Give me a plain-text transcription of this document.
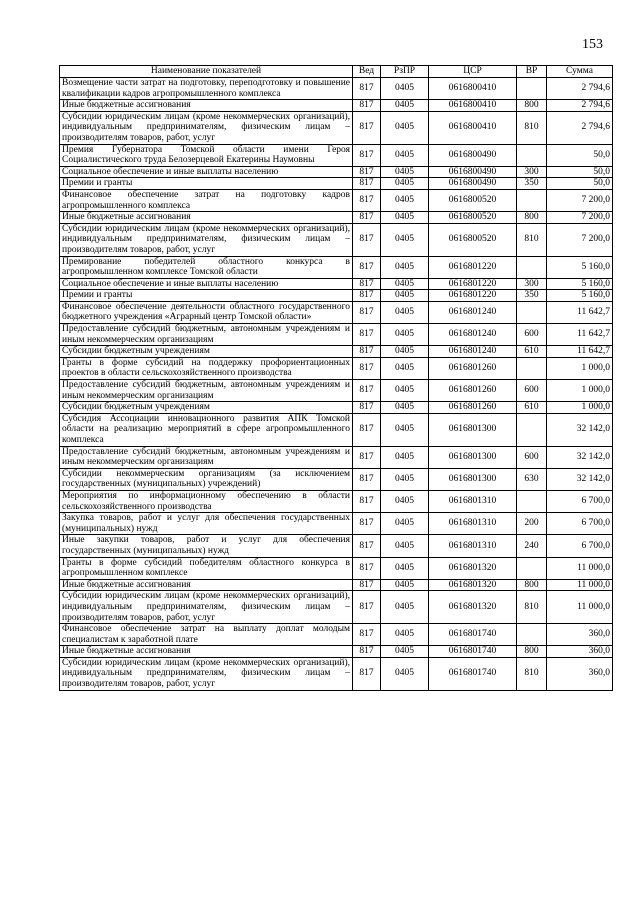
153
Наименование показателей	Вед	РзПР	ЦСР	ВР	Сумма
Возмещение части затрат на подготовку, переподготовку и повышение квалификации кадров агропромышленного комплекса	817	0405	0616800410		2 794,6
Иные бюджетные ассигнования	817	0405	0616800410	800	2 794,6
Субсидии юридическим лицам (кроме некоммерческих организаций), индивидуальным предпринимателям, физическим лицам – производителям товаров, работ, услуг	817	0405	0616800410	810	2 794,6
Премия Губернатора Томской области имени Героя Социалистического труда Белозерцевой Екатерины Наумовны	817	0405	0616800490		50,0
Социальное обеспечение и иные выплаты населению	817	0405	0616800490	300	50,0
Премии и гранты	817	0405	0616800490	350	50,0
Финансовое обеспечение затрат на подготовку кадров агропромышленного комплекса	817	0405	0616800520		7 200,0
Иные бюджетные ассигнования	817	0405	0616800520	800	7 200,0
Субсидии юридическим лицам (кроме некоммерческих организаций), индивидуальным предпринимателям, физическим лицам – производителям товаров, работ, услуг	817	0405	0616800520	810	7 200,0
Премирование победителей областного конкурса в агропромышленном комплексе Томской области	817	0405	0616801220		5 160,0
Социальное обеспечение и иные выплаты населению	817	0405	0616801220	300	5 160,0
Премии и гранты	817	0405	0616801220	350	5 160,0
Финансовое обеспечение деятельности областного государственного бюджетного учреждения «Аграрный центр Томской области»	817	0405	0616801240		11 642,7
Предоставление субсидий бюджетным, автономным учреждениям и иным некоммерческим организациям	817	0405	0616801240	600	11 642,7
Субсидии бюджетным учреждениям	817	0405	0616801240	610	11 642,7
Гранты в форме субсидий на поддержку профориентационных проектов в области сельскохозяйственного производства	817	0405	0616801260		1 000,0
Предоставление субсидий бюджетным, автономным учреждениям и иным некоммерческим организациям	817	0405	0616801260	600	1 000,0
Субсидии бюджетным учреждениям	817	0405	0616801260	610	1 000,0
Субсидия Ассоциации инновационного развития АПК Томской области на реализацию мероприятий в сфере агропромышленного комплекса	817	0405	0616801300		32 142,0
Предоставление субсидий бюджетным, автономным учреждениям и иным некоммерческим организациям	817	0405	0616801300	600	32 142,0
Субсидии некоммерческим организациям (за исключением государственных (муниципальных) учреждений)	817	0405	0616801300	630	32 142,0
Мероприятия по информационному обеспечению в области сельскохозяйственного производства	817	0405	0616801310		6 700,0
Закупка товаров, работ и услуг для обеспечения государственных (муниципальных) нужд	817	0405	0616801310	200	6 700,0
Иные закупки товаров, работ и услуг для обеспечения государственных (муниципальных) нужд	817	0405	0616801310	240	6 700,0
Гранты в форме субсидий победителям областного конкурса в агропромышленном комплексе	817	0405	0616801320		11 000,0
Иные бюджетные ассигнования	817	0405	0616801320	800	11 000,0
Субсидии юридическим лицам (кроме некоммерческих организаций), индивидуальным предпринимателям, физическим лицам – производителям товаров, работ, услуг	817	0405	0616801320	810	11 000,0
Финансовое обеспечение затрат на выплату доплат молодым специалистам к заработной плате	817	0405	0616801740		360,0
Иные бюджетные ассигнования	817	0405	0616801740	800	360,0
Субсидии юридическим лицам (кроме некоммерческих организаций), индивидуальным предпринимателям, физическим лицам – производителям товаров, работ, услуг	817	0405	0616801740	810	360,0
